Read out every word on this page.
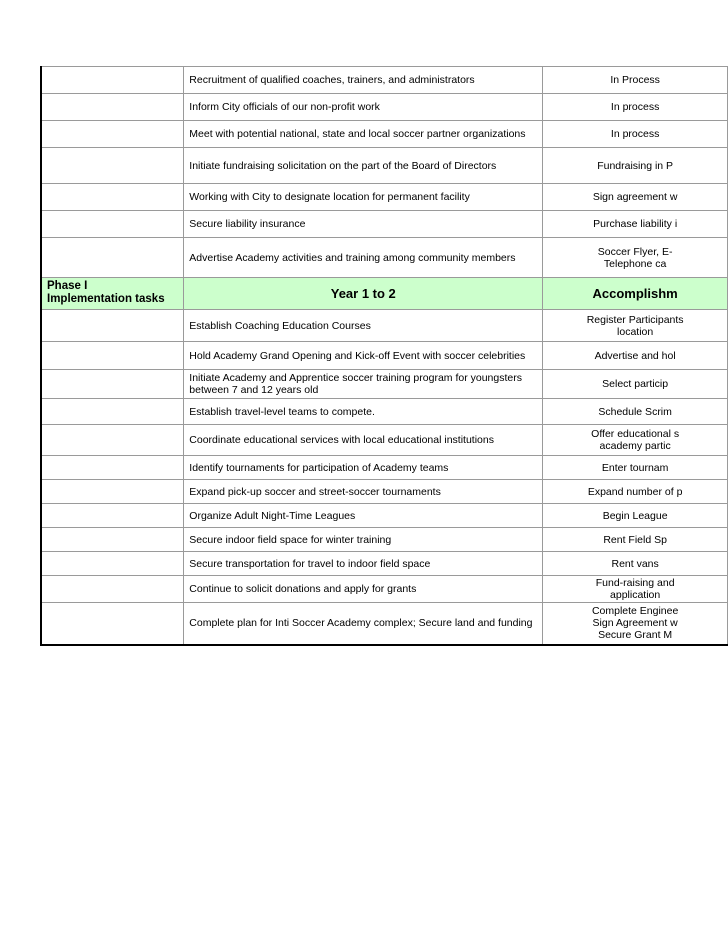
	Recruitment of qualified coaches, trainers, and administrators	In Process
	Inform City officials of our non-profit work	In process
	Meet with potential national, state and local soccer partner organizations	In process
	Initiate fundraising solicitation on the part of the Board of Directors	Fundraising in P
	Working with City to designate location for permanent facility	Sign agreement w
	Secure liability insurance	Purchase liability i
	Advertise Academy activities and training among community members	Soccer Flyer, E-
Telephone ca

Phase I
Implementation tasks	Year 1 to 2	Accomplishm
	Establish Coaching Education Courses	Register Participants
location

	Hold Academy Grand Opening and Kick-off Event with soccer celebrities	Advertise and hol

	Initiate Academy and Apprentice soccer training program for youngsters
between 7 and 12 years old	Select particip
	Establish travel-level teams to compete.	Schedule Scrim
	Coordinate educational services with local educational institutions	Offer educational s
academy partic

	Identify tournaments for participation of Academy teams	Enter tournam
	Expand pick-up soccer and street-soccer tournaments	Expand number of p
	Organize Adult Night-Time Leagues	Begin League
	Secure indoor field space for winter training	Rent Field Sp
	Secure transportation for travel to indoor field space	Rent vans
	Continue to solicit donations and apply for grants	Fund-raising and
application

	Complete plan for Inti Soccer Academy complex; Secure land and funding	Complete Enginee
Sign Agreement w
Secure Grant M
